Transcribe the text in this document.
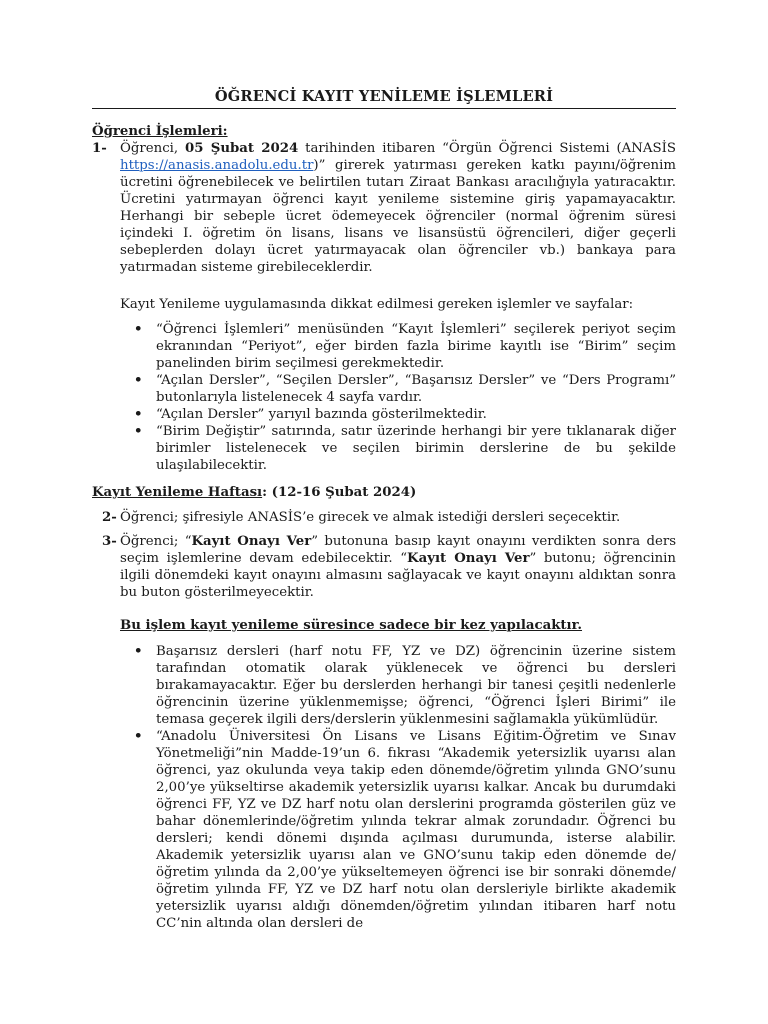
ÖĞRENCİ KAYIT YENİLEME İŞLEMLERİ
Öğrenci İşlemleri:
1- Öğrenci, 05 Şubat 2024 tarihinden itibaren “Örgün Öğrenci Sistemi (ANASİS https://anasis.anadolu.edu.tr)” girerek yatırması gereken katkı payını/öğrenim ücretini öğrenebilecek ve belirtilen tutarı Ziraat Bankası aracılığıyla yatıracaktır. Ücretini yatırmayan öğrenci kayıt yenileme sistemine giriş yapamayacaktır. Herhangi bir sebeple ücret ödemeyecek öğrenciler (normal öğrenim süresi içindeki I. öğretim ön lisans, lisans ve lisansüstü öğrencileri, diğer geçerli sebeplerden dolayı ücret yatırmayacak olan öğrenciler vb.) bankaya para yatırmadan sisteme girebileceklerdir.
Kayıt Yenileme uygulamasında dikkat edilmesi gereken işlemler ve sayfalar:
• “Öğrenci İşlemleri” menüsünden “Kayıt İşlemleri” seçilerek periyot seçim ekranından “Periyot”, eğer birden fazla birime kayıtlı ise “Birim” seçim panelinden birim seçilmesi gerekmektedir.
• “Açılan Dersler”, “Seçilen Dersler”, “Başarısız Dersler” ve “Ders Programı” butonlarıyla listelenecek 4 sayfa vardır.
• “Açılan Dersler” yarıyıl bazında gösterilmektedir.
• “Birim Değiştir” satırında, satır üzerinde herhangi bir yere tıklanarak diğer birimler listelenecek ve seçilen birimin derslerine de bu şekilde ulaşılabilecektir.
Kayıt Yenileme Haftası: (12-16 Şubat 2024)
2- Öğrenci; şifresiyle ANASİS’e girecek ve almak istediği dersleri seçecektir.
3- Öğrenci; “Kayıt Onayı Ver” butonuna basıp kayıt onayını verdikten sonra ders seçim işlemlerine devam edebilecektir. “Kayıt Onayı Ver” butonu; öğrencinin ilgili dönemdeki kayıt onayını almasını sağlayacak ve kayıt onayını aldıktan sonra bu buton gösterilmeyecektir.
Bu işlem kayıt yenileme süresince sadece bir kez yapılacaktır.
• Başarısız dersleri (harf notu FF, YZ ve DZ) öğrencinin üzerine sistem tarafından otomatik olarak yüklenecek ve öğrenci bu dersleri bırakamayacaktır. Eğer bu derslerden herhangi bir tanesi çeşitli nedenlerle öğrencinin üzerine yüklenmemişse; öğrenci, “Öğrenci İşleri Birimi” ile temasa geçerek ilgili ders/derslerin yüklenmesini sağlamakla yükümlüdür.
• “Anadolu Üniversitesi Ön Lisans ve Lisans Eğitim-Öğretim ve Sınav Yönetmeliği”nin Madde-19’un 6. fıkrası “Akademik yetersizlik uyarısı alan öğrenci, yaz okulunda veya takip eden dönemde/öğretim yılında GNO’sunu 2,00’ye yükseltirse akademik yetersizlik uyarısı kalkar. Ancak bu durumdaki öğrenci FF, YZ ve DZ harf notu olan derslerini programda gösterilen güz ve bahar dönemlerinde/öğretim yılında tekrar almak zorundadır. Öğrenci bu dersleri; kendi dönemi dışında açılması durumunda, isterse alabilir. Akademik yetersizlik uyarısı alan ve GNO’sunu takip eden dönemde de/öğretim yılında da 2,00’ye yükseltemeyen öğrenci ise bir sonraki dönemde/öğretim yılında FF, YZ ve DZ harf notu olan dersleriyle birlikte akademik yetersizlik uyarısı aldığı dönemden/öğretim yılından itibaren harf notu CC’nin altında olan dersleri de
